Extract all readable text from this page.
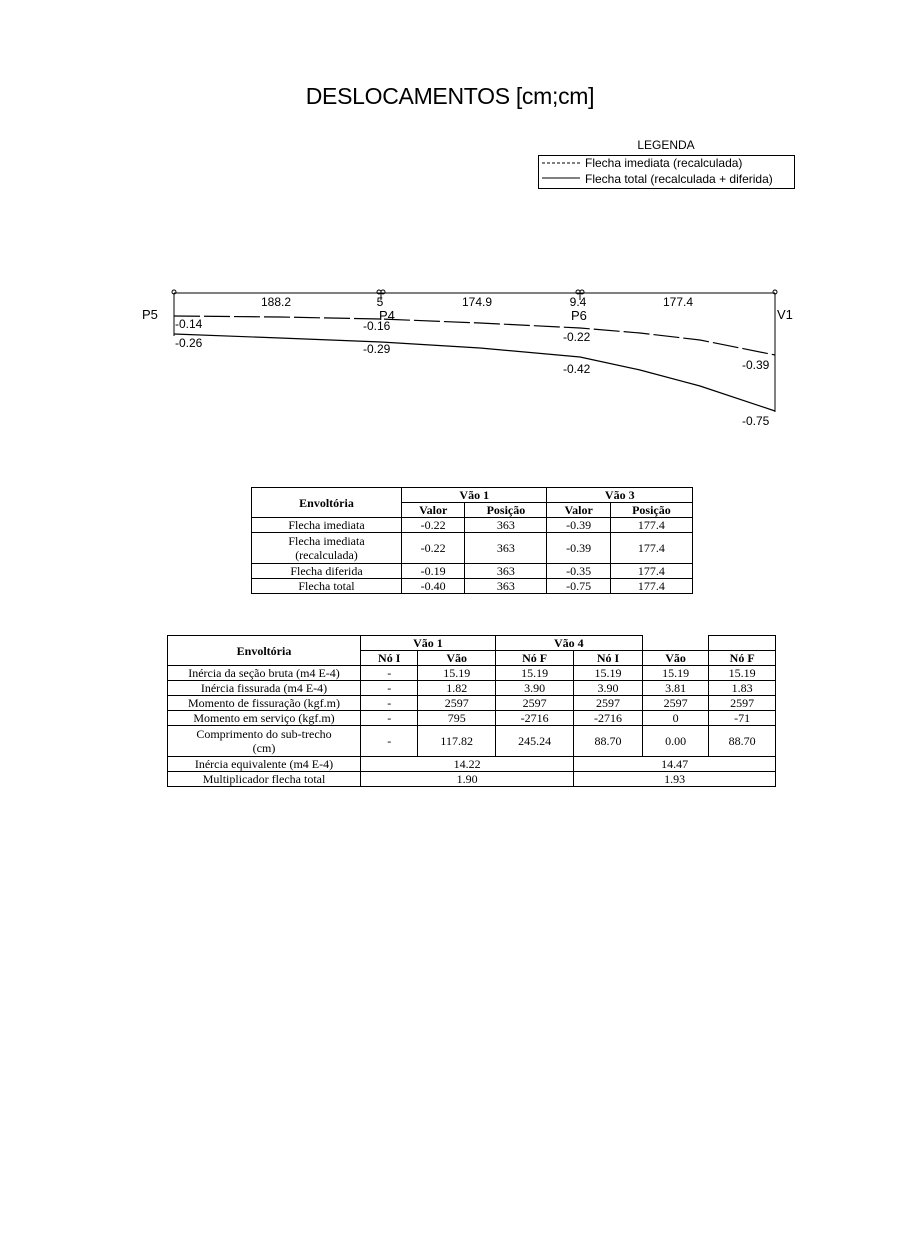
DESLOCAMENTOS [cm;cm]
LEGENDA
Flecha imediata (recalculada)
Flecha total (recalculada + diferida)
188.2	5	174.9	9.4	177.4
P5	P4	P6	V1
-0.14	-0.16
-0.22
-0.39
-0.26	-0.29
-0.42
-0.75
Envoltória	Vão 1		Vão 3	
	Valor	Posição	Valor	Posição
Flecha imediata	-0.22	363	-0.39	177.4
Flecha imediata (recalculada)	-0.22	363	-0.39	177.4
Flecha diferida	-0.19	363	-0.35	177.4
Flecha total	-0.40	363	-0.75	177.4
Envoltória	Vão 1		Vão 4			
	Nó I	Vão	Nó F	Nó I	Vão	Nó F
Inércia da seção bruta (m4 E-4)	-	15.19	15.19	15.19	15.19	15.19
Inércia fissurada (m4 E-4)	-	1.82	3.90	3.90	3.81	1.83
Momento de fissuração (kgf.m)	-	2597	2597	2597	2597	2597
Momento em serviço (kgf.m)	-	795	-2716	-2716	0	-71
Comprimento do sub-trecho (cm)	-	117.82	245.24	88.70	0.00	88.70
Inércia equivalente (m4 E-4)	14.22			14.47		
Multiplicador flecha total	1.90			1.93		
